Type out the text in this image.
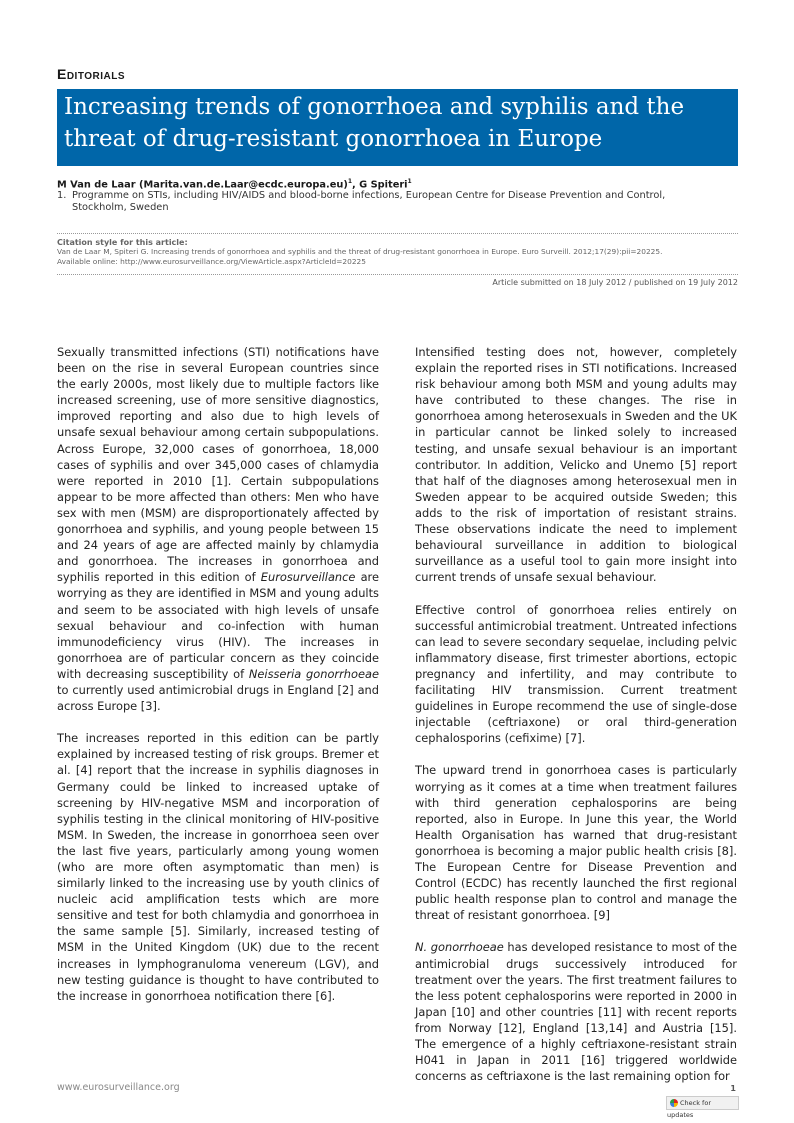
Editorials
Increasing trends of gonorrhoea and syphilis and the threat of drug-resistant gonorrhoea in Europe
M Van de Laar (Marita.van.de.Laar@ecdc.europa.eu)$^1$, G Spiteri$^1$
1. Programme on STIs, including HIV/AIDS and blood-borne infections, European Centre for Disease Prevention and Control,
Stockholm, Sweden
Citation style for this article:
Van de Laar M, Spiteri G. Increasing trends of gonorrhoea and syphilis and the threat of drug-resistant gonorrhoea in Europe. Euro Surveill. 2012;17(29):pii=20225.
Available online: http://www.eurosurveillance.org/ViewArticle.aspx?ArticleId=20225
Article submitted on 18 July 2012 / published on 19 July 2012

Sexually transmitted infections (STI) notifications have been on the rise in several European countries since the early 2000s, most likely due to multiple factors like increased screening, use of more sensitive diagnostics, improved reporting and also due to high levels of unsafe sexual behaviour among certain subpopulations. Across Europe, 32,000 cases of gonorrhoea, 18,000 cases of syphilis and over 345,000 cases of chlamydia were reported in 2010 [1]. Certain subpopulations appear to be more affected than others: Men who have sex with men (MSM) are disproportionately affected by gonorrhoea and syphilis, and young people between 15 and 24 years of age are affected mainly by chlamydia and gonorrhoea. The increases in gonorrhoea and syphilis reported in this edition of Eurosurveillance are worrying as they are identified in MSM and young adults and seem to be associated with high levels of unsafe sexual behaviour and co-infection with human immunodeficiency virus (HIV). The increases in gonorrhoea are of particular concern as they coincide with decreasing susceptibility of Neisseria gonorrhoeae to currently used antimicrobial drugs in England [2] and across Europe [3].

The increases reported in this edition can be partly explained by increased testing of risk groups. Bremer et al. [4] report that the increase in syphilis diagnoses in Germany could be linked to increased uptake of screening by HIV-negative MSM and incorporation of syphilis testing in the clinical monitoring of HIV-positive MSM. In Sweden, the increase in gonorrhoea seen over the last five years, particularly among young women (who are more often asymptomatic than men) is similarly linked to the increasing use by youth clinics of nucleic acid amplification tests which are more sensitive and test for both chlamydia and gonorrhoea in the same sample [5]. Similarly, increased testing of MSM in the United Kingdom (UK) due to the recent increases in lymphogranuloma venereum (LGV), and new testing guidance is thought to have contributed to the increase in gonorrhoea notification there [6].

Intensified testing does not, however, completely explain the reported rises in STI notifications. Increased risk behaviour among both MSM and young adults may have contributed to these changes. The rise in gonorrhoea among heterosexuals in Sweden and the UK in particular cannot be linked solely to increased testing, and unsafe sexual behaviour is an important contributor. In addition, Velicko and Unemo [5] report that half of the diagnoses among heterosexual men in Sweden appear to be acquired outside Sweden; this adds to the risk of importation of resistant strains. These observations indicate the need to implement behavioural surveillance in addition to biological surveillance as a useful tool to gain more insight into current trends of unsafe sexual behaviour.

Effective control of gonorrhoea relies entirely on successful antimicrobial treatment. Untreated infections can lead to severe secondary sequelae, including pelvic inflammatory disease, first trimester abortions, ectopic pregnancy and infertility, and may contribute to facilitating HIV transmission. Current treatment guidelines in Europe recommend the use of single-dose injectable (ceftriaxone) or oral third-generation cephalosporins (cefixime) [7].

The upward trend in gonorrhoea cases is particularly worrying as it comes at a time when treatment failures with third generation cephalosporins are being reported, also in Europe. In June this year, the World Health Organisation has warned that drug-resistant gonorrhoea is becoming a major public health crisis [8]. The European Centre for Disease Prevention and Control (ECDC) has recently launched the first regional public health response plan to control and manage the threat of resistant gonorrhoea. [9]

N. gonorrhoeae has developed resistance to most of the antimicrobial drugs successively introduced for treatment over the years. The first treatment failures to the less potent cephalosporins were reported in 2000 in Japan [10] and other countries [11] with recent reports from Norway [12], England [13,14] and Austria [15]. The emergence of a highly ceftriaxone-resistant strain H041 in Japan in 2011 [16] triggered worldwide concerns as ceftriaxone is the last remaining option for

www.eurosurveillance.org	1
Check for updates
